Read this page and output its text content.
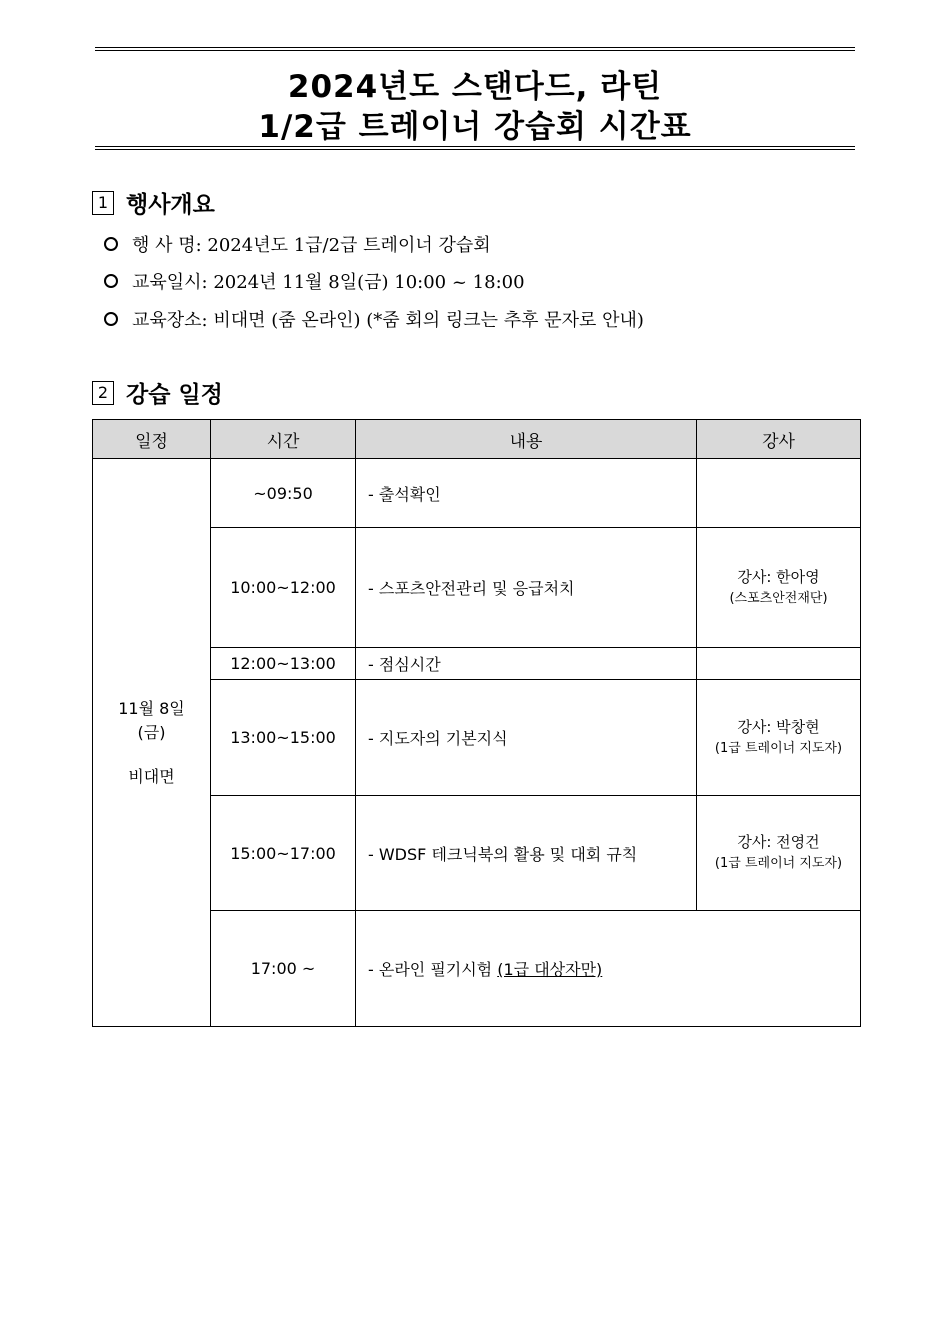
2024년도 스탠다드, 라틴
1/2급 트레이너 강습회 시간표
1 행사개요
행 사 명: 2024년도 1급/2급 트레이너 강습회
교육일시: 2024년 11월 8일(금) 10:00 ~ 18:00
교육장소: 비대면 (줌 온라인) (*줌 회의 링크는 추후 문자로 안내)
2 강습 일정
일정	시간	내용	강사

11월 8일
(금)
비대면	~09:50	- 출석확인	
	10:00~12:00	- 스포츠안전관리 및 응급처치	강사: 한아영
(스포츠안전재단)

	12:00~13:00	- 점심시간	
	13:00~15:00	- 지도자의 기본지식	강사: 박창현
(1급 트레이너 지도자)

	15:00~17:00	- WDSF 테크닉북의 활용 및 대회 규칙	강사: 전영건
(1급 트레이너 지도자)

	17:00 ~	- 온라인 필기시험 (1급 대상자만)	
